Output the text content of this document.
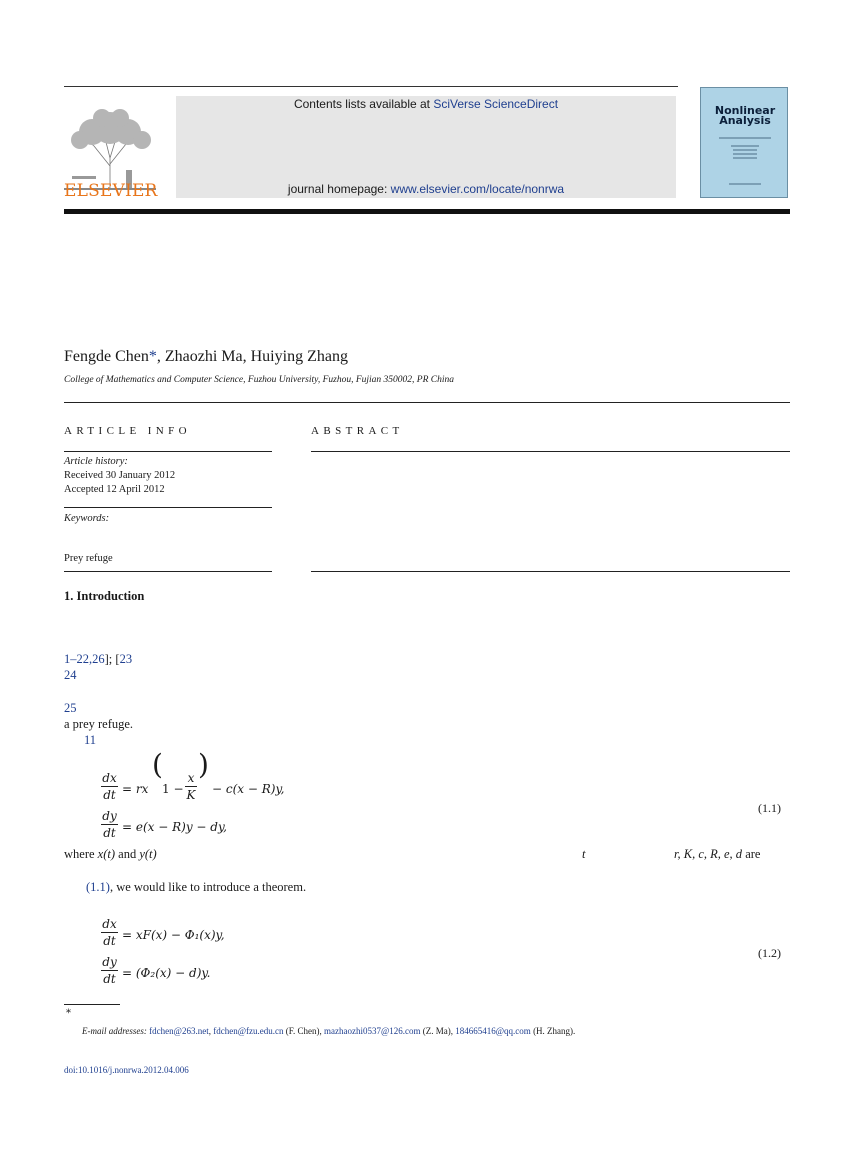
ELSEVIER
Contents lists available at SciVerse ScienceDirect
journal homepage: www.elsevier.com/locate/nonrwa
Nonlinear Analysis
Fengde Chen*, Zhaozhi Ma, Huiying Zhang
College of Mathematics and Computer Science, Fuzhou University, Fuzhou, Fujian 350002, PR China
ARTICLE INFO	ABSTRACT
Article history:
Received 30 January 2012
Accepted 12 April 2012
Keywords:
Prey refuge
1. Introduction
1–22,26]; [23
24
25
a prey refuge.
11
dx
dt = rx
(
1 −
x
K
)
− c(x − R)y,
dy
dt = e(x − R)y − dy,
(1.1)
where x(t) and y(t)	t	r, K, c, R, e, d are
(1.1), we would like to introduce a theorem.
dx
dt = xF(x) − Φ₁(x)y,
dy
dt = (Φ₂(x) − d)y.
(1.2)
*
E-mail addresses: fdchen@263.net, fdchen@fzu.edu.cn (F. Chen), mazhaozhi0537@126.com (Z. Ma), 184665416@qq.com (H. Zhang).
doi:10.1016/j.nonrwa.2012.04.006
